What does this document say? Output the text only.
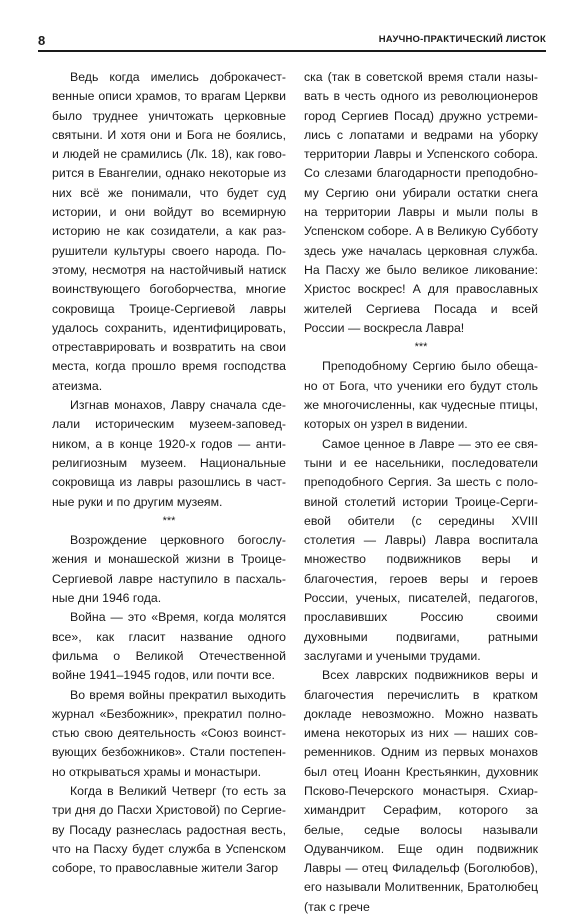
8	НАУЧНО-ПРАКТИЧЕСКИЙ ЛИСТОК

Ведь когда имелись доброкачественные описи храмов, то врагам Церкви было труднее уничтожать церковные святыни. И хотя они и Бога не боялись, и людей не срамились (Лк. 18), как говорится в Евангелии, однако некоторые из них всё же понимали, что будет суд истории, и они войдут во всемирную историю не как созидатели, а как разрушители культуры своего народа. Поэтому, несмотря на настойчивый натиск воинствующего богоборчества, многие сокровища Троице-Сергиевой лавры удалось сохранить, идентифицировать, отреставрировать и возвратить на свои места, когда прошло время господства атеизма.

Изгнав монахов, Лавру сначала сделали историческим музеем-заповедником, а в конце 1920-х годов — антирелигиозным музеем. Национальные сокровища из лавры разошлись в частные руки и по другим музеям.

***

Возрождение церковного богослужения и монашеской жизни в Троице-Сергиевой лавре наступило в пасхальные дни 1946 года.

Война — это «Время, когда молятся все», как гласит название одного фильма о Великой Отечественной войне 1941–1945 годов, или почти все.

Во время войны прекратил выходить журнал «Безбожник», прекратил полностью свою деятельность «Союз воинствующих безбожников». Стали постепенно открываться храмы и монастыри.

Когда в Великий Четверг (то есть за три дня до Пасхи Христовой) по Сергиеву Посаду разнеслась радостная весть, что на Пасху будет служба в Успенском соборе, то православные жители Загор

ска (так в советской время стали называть в честь одного из революционеров город Сергиев Посад) дружно устремились с лопатами и ведрами на уборку территории Лавры и Успенского собора. Со слезами благодарности преподобному Сергию они убирали остатки снега на территории Лавры и мыли полы в Успенском соборе. А в Великую Субботу здесь уже началась церковная служба. На Пасху же было великое ликование: Христос воскрес! А для православных жителей Сергиева Посада и всей России — воскресла Лавра!

***

Преподобному Сергию было обещано от Бога, что ученики его будут столь же многочисленны, как чудесные птицы, которых он узрел в видении.

Самое ценное в Лавре — это ее святыни и ее насельники, последователи преподобного Сергия. За шесть с половиной столетий истории Троице-Сергиевой обители (с середины XVIII столетия — Лавры) Лавра воспитала множество подвижников веры и благочестия, героев веры и героев России, ученых, писателей, педагогов, прославивших Россию своими духовными подвигами, ратными заслугами и учеными трудами.

Всех лаврских подвижников веры и благочестия перечислить в кратком докладе невозможно. Можно назвать имена некоторых из них — наших современников. Одним из первых монахов был отец Иоанн Крестьянкин, духовник Псково-Печерского монастыря. Схиархимандрит Серафим, которого за белые, седые волосы называли Одуванчиком. Еще один подвижник Лавры — отец Филадельф (Боголюбов), его называли Молитвенник, Братолюбец (так с грече
